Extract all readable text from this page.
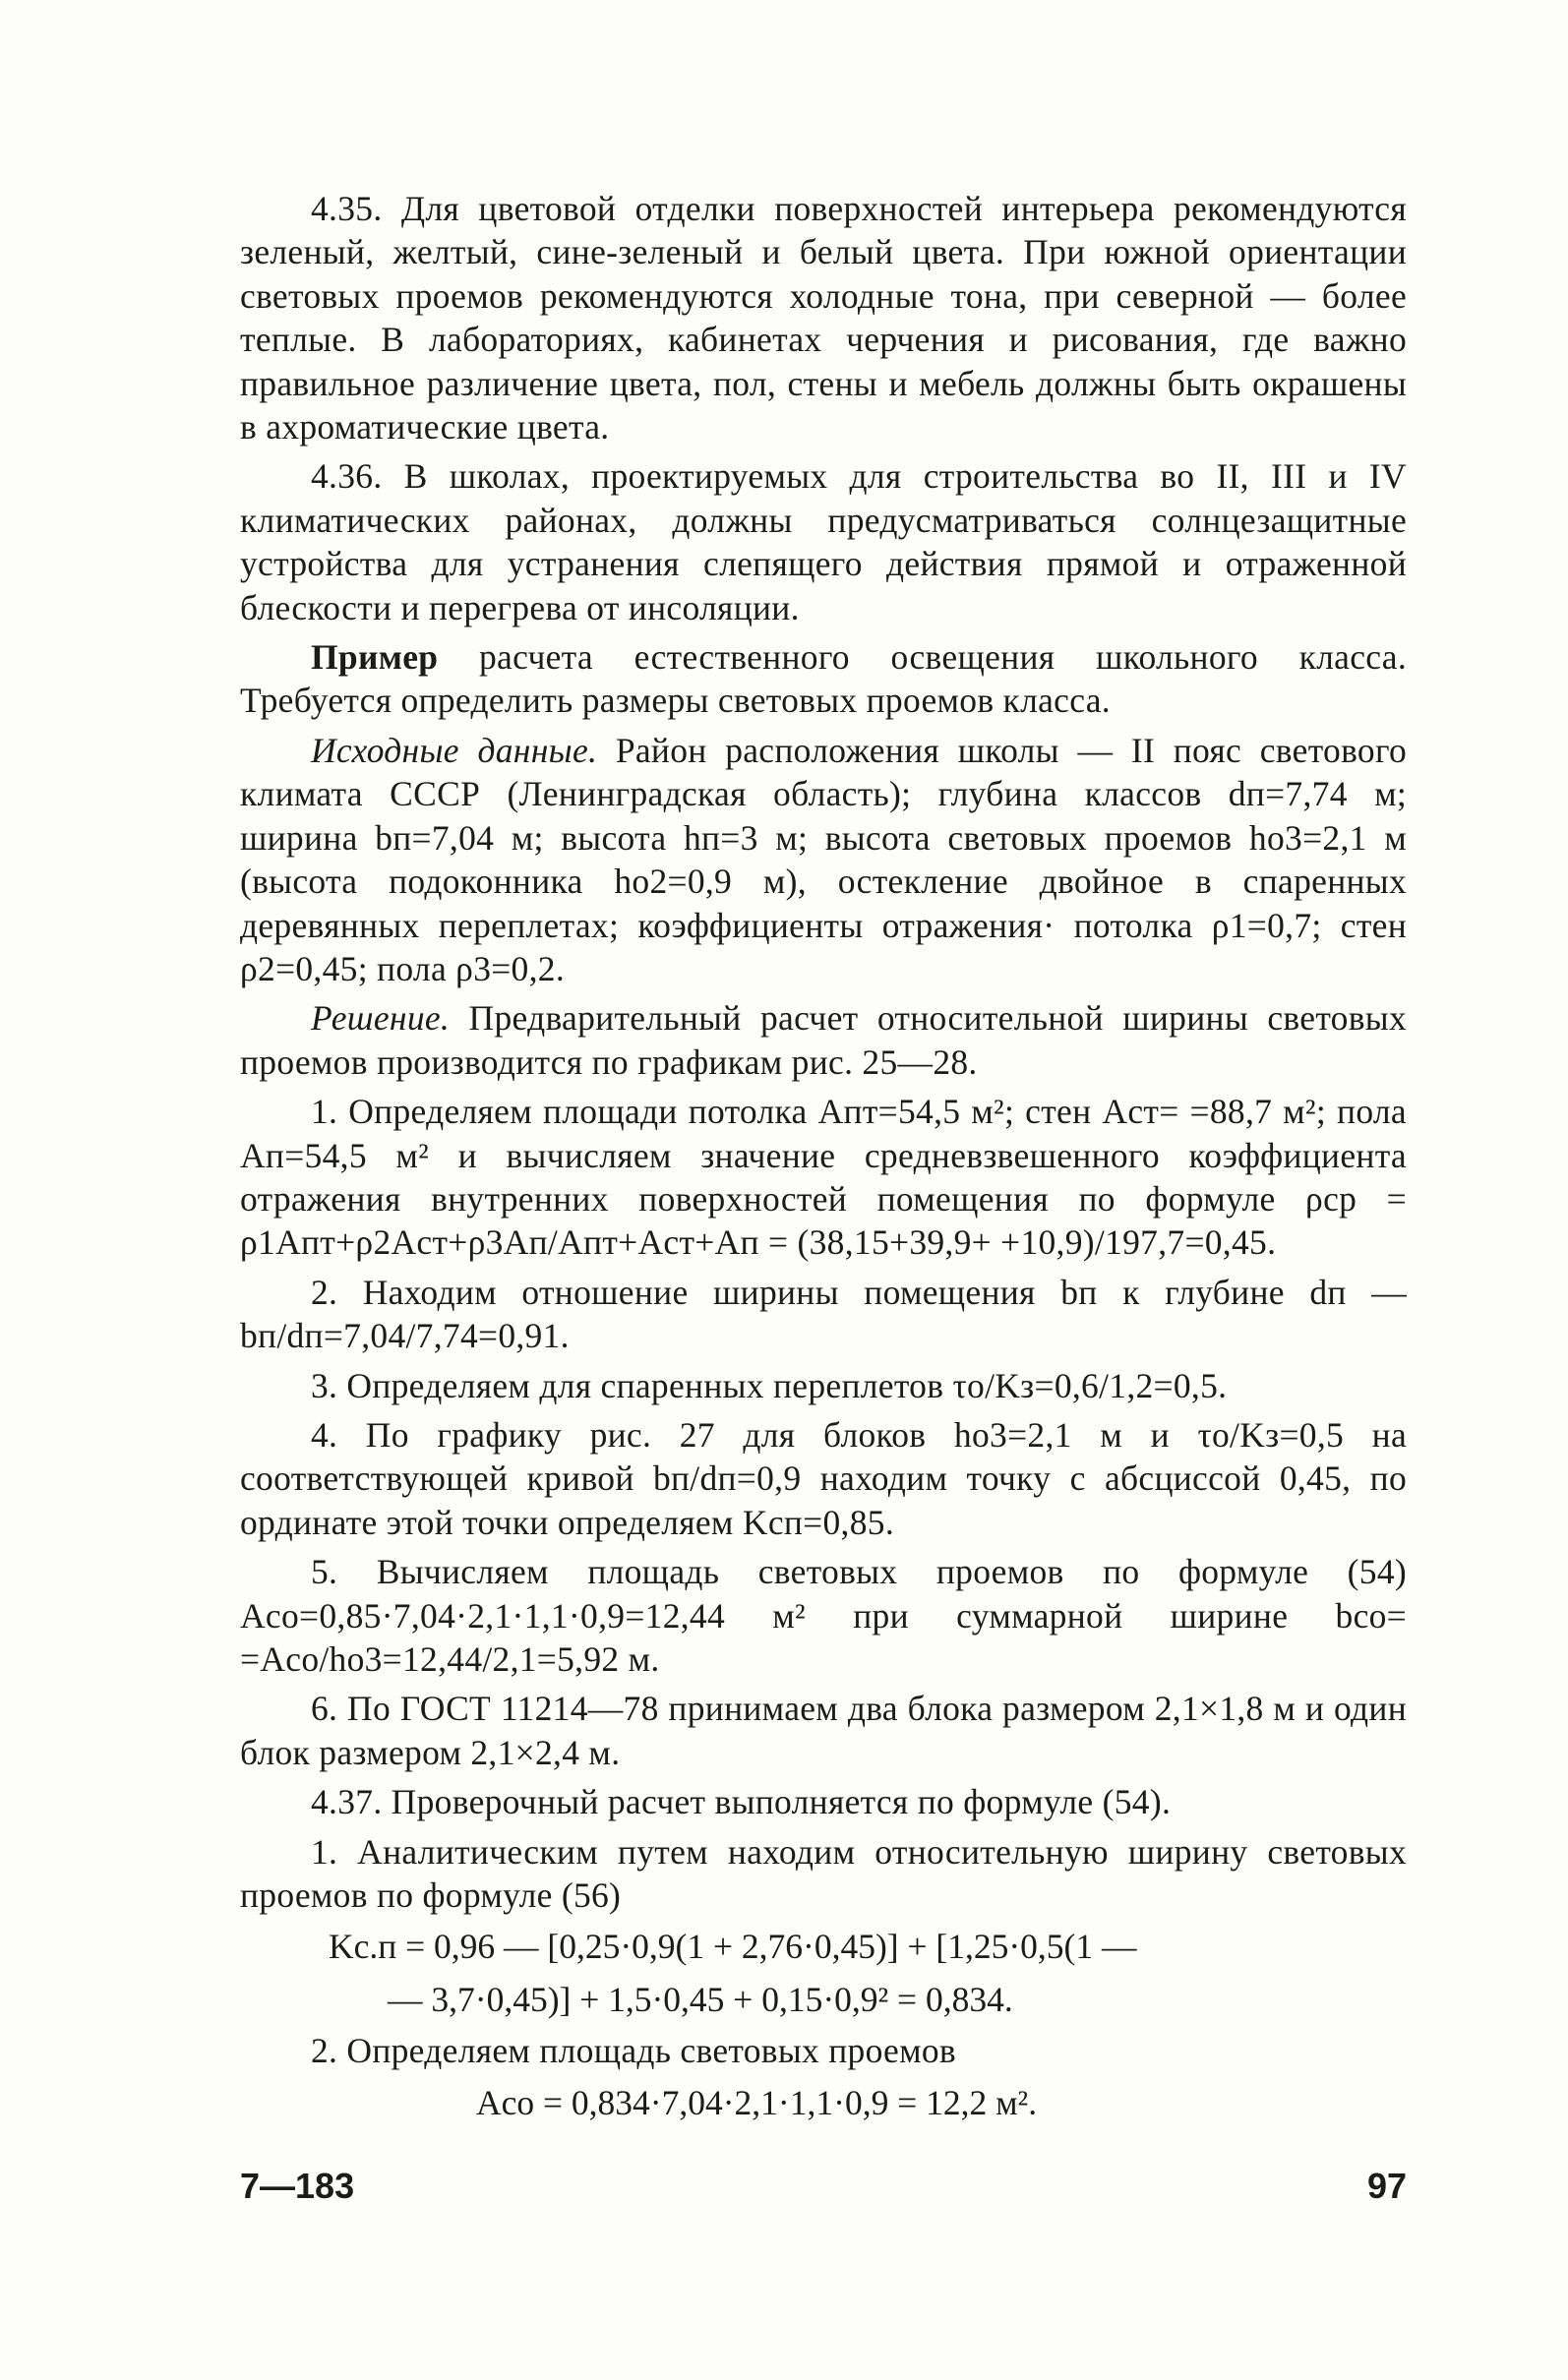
4.35. Для цветовой отделки поверхностей интерьера рекомендуются зеленый, желтый, сине-зеленый и белый цвета. При южной ориентации световых проемов рекомендуются холодные тона, при северной — более теплые. В лабораториях, кабинетах черчения и рисования, где важно правильное различение цвета, пол, стены и мебель должны быть окрашены в ахроматические цвета.

4.36. В школах, проектируемых для строительства во II, III и IV климатических районах, должны предусматриваться солнцезащитные устройства для устранения слепящего действия прямой и отраженной блескости и перегрева от инсоляции.

Пример расчета естественного освещения школьного класса. Требуется определить размеры световых проемов класса.

Исходные данные. Район расположения школы — II пояс светового климата СССР (Ленинградская область); глубина классов dп=7,74 м; ширина bп=7,04 м; высота hп=3 м; высота световых проемов hо3=2,1 м (высота подоконника hо2=0,9 м), остекление двойное в спаренных деревянных переплетах; коэффициенты отражения· потолка ρ1=0,7; стен ρ2=0,45; пола ρ3=0,2.

Решение. Предварительный расчет относительной ширины световых проемов производится по графикам рис. 25—28.

1. Определяем площади потолка Aпт=54,5 м²; стен Aст= =88,7 м²; пола Aп=54,5 м² и вычисляем значение средневзвешенного коэффициента отражения внутренних поверхностей помещения по формуле ρср = ρ1Aпт+ρ2Aст+ρ3Aп/Aпт+Aст+Aп = (38,15+39,9+ +10,9)/197,7=0,45.

2. Находим отношение ширины помещения bп к глубине dп — bп/dп=7,04/7,74=0,91.

3. Определяем для спаренных переплетов τо/Kз=0,6/1,2=0,5.

4. По графику рис. 27 для блоков hо3=2,1 м и τо/Kз=0,5 на соответствующей кривой bп/dп=0,9 находим точку с абсциссой 0,45, по ординате этой точки определяем Kсп=0,85.

5. Вычисляем площадь световых проемов по формуле (54) Aсо=0,85·7,04·2,1·1,1·0,9=12,44 м² при суммарной ширине bсо= =Aсо/hо3=12,44/2,1=5,92 м.

6. По ГОСТ 11214—78 принимаем два блока размером 2,1×1,8 м и один блок размером 2,1×2,4 м.

4.37. Проверочный расчет выполняется по формуле (54).

1. Аналитическим путем находим относительную ширину световых проемов по формуле (56)

Kс.п = 0,96 — [0,25·0,9(1 + 2,76·0,45)] + [1,25·0,5(1 —
— 3,7·0,45)] + 1,5·0,45 + 0,15·0,9² = 0,834.

2. Определяем площадь световых проемов

Aсо = 0,834·7,04·2,1·1,1·0,9 = 12,2 м².
7—183	97
